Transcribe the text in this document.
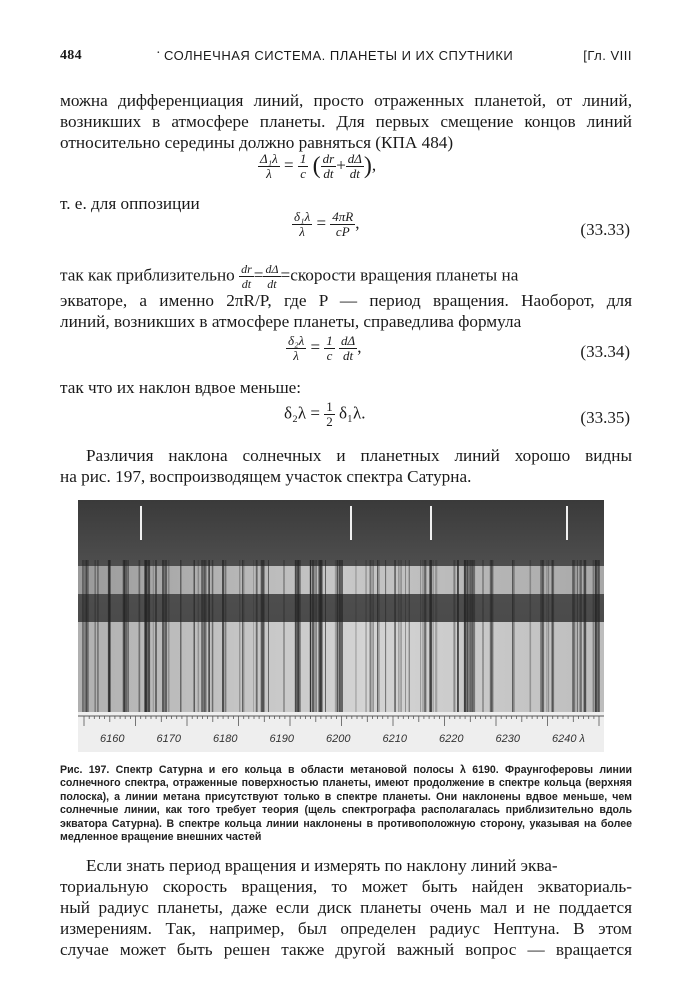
484	· СОЛНЕЧНАЯ СИСТЕМА. ПЛАНЕТЫ И ИХ СПУТНИКИ	[Гл. VIII
можна дифференциация линий, просто отраженных планетой, от линий,
возникших в атмосфере планеты. Для первых смещение концов линий
относительно середины должно равняться (КПА 484)
$\frac{\text{Δ₁λ}}{\lambda} = \frac{1}{c}$ ( $\frac{dr}{dt} + \frac{d\Delta}{dt}$ ),
т. е. для оппозиции
$\frac{\text{δ₁λ}}{\lambda} = \frac{4\pi R}{cP}$ ,	(33.33)
так как приблизительно $\frac{dr}{dt} = \frac{d\Delta}{dt}$ =скорости вращения планеты на
экваторе, а именно 2πR/P, где P — период вращения. Наоборот, для
линий, возникших в атмосфере планеты, справедлива формула
$\frac{\text{δ₂λ}}{\lambda} = \frac{1}{c}$
$\frac{d\Delta}{dt}$ ,	(33.34)
так что их наклон вдвое меньше:
$\delta_2\lambda = \frac{1}{2} \delta_1\lambda$.	(33.35)
Различия наклона солнечных и планетных линий хорошо видны
на рис. 197, воспроизводящем участок спектра Сатурна.
6160	6170	6180	6190	6200	6210	6220	6230	6240 λ
Рис. 197. Спектр Сатурна и его кольца в области метановой полосы λ 6190. Фраунгоферовы линии солнечного спектра, отраженные поверхностью планеты, имеют продолжение в спектре кольца (верхняя полоска), а линии метана присутствуют только в спектре планеты. Они наклонены вдвое меньше, чем солнечные линии, как того требует теория (щель спектрографа располагалась приблизительно вдоль экватора Сатурна). В спектре кольца линии наклонены в противоположную сторону, указывая на более медленное вращение внешних частей
Если знать период вращения и измерять по наклону линий эква-
ториальную скорость вращения, то может быть найден экваториаль-
ный радиус планеты, даже если диск планеты очень мал и не поддается
измерениям. Так, например, был определен радиус Нептуна. В этом
случае может быть решен также другой важный вопрос — вращается
